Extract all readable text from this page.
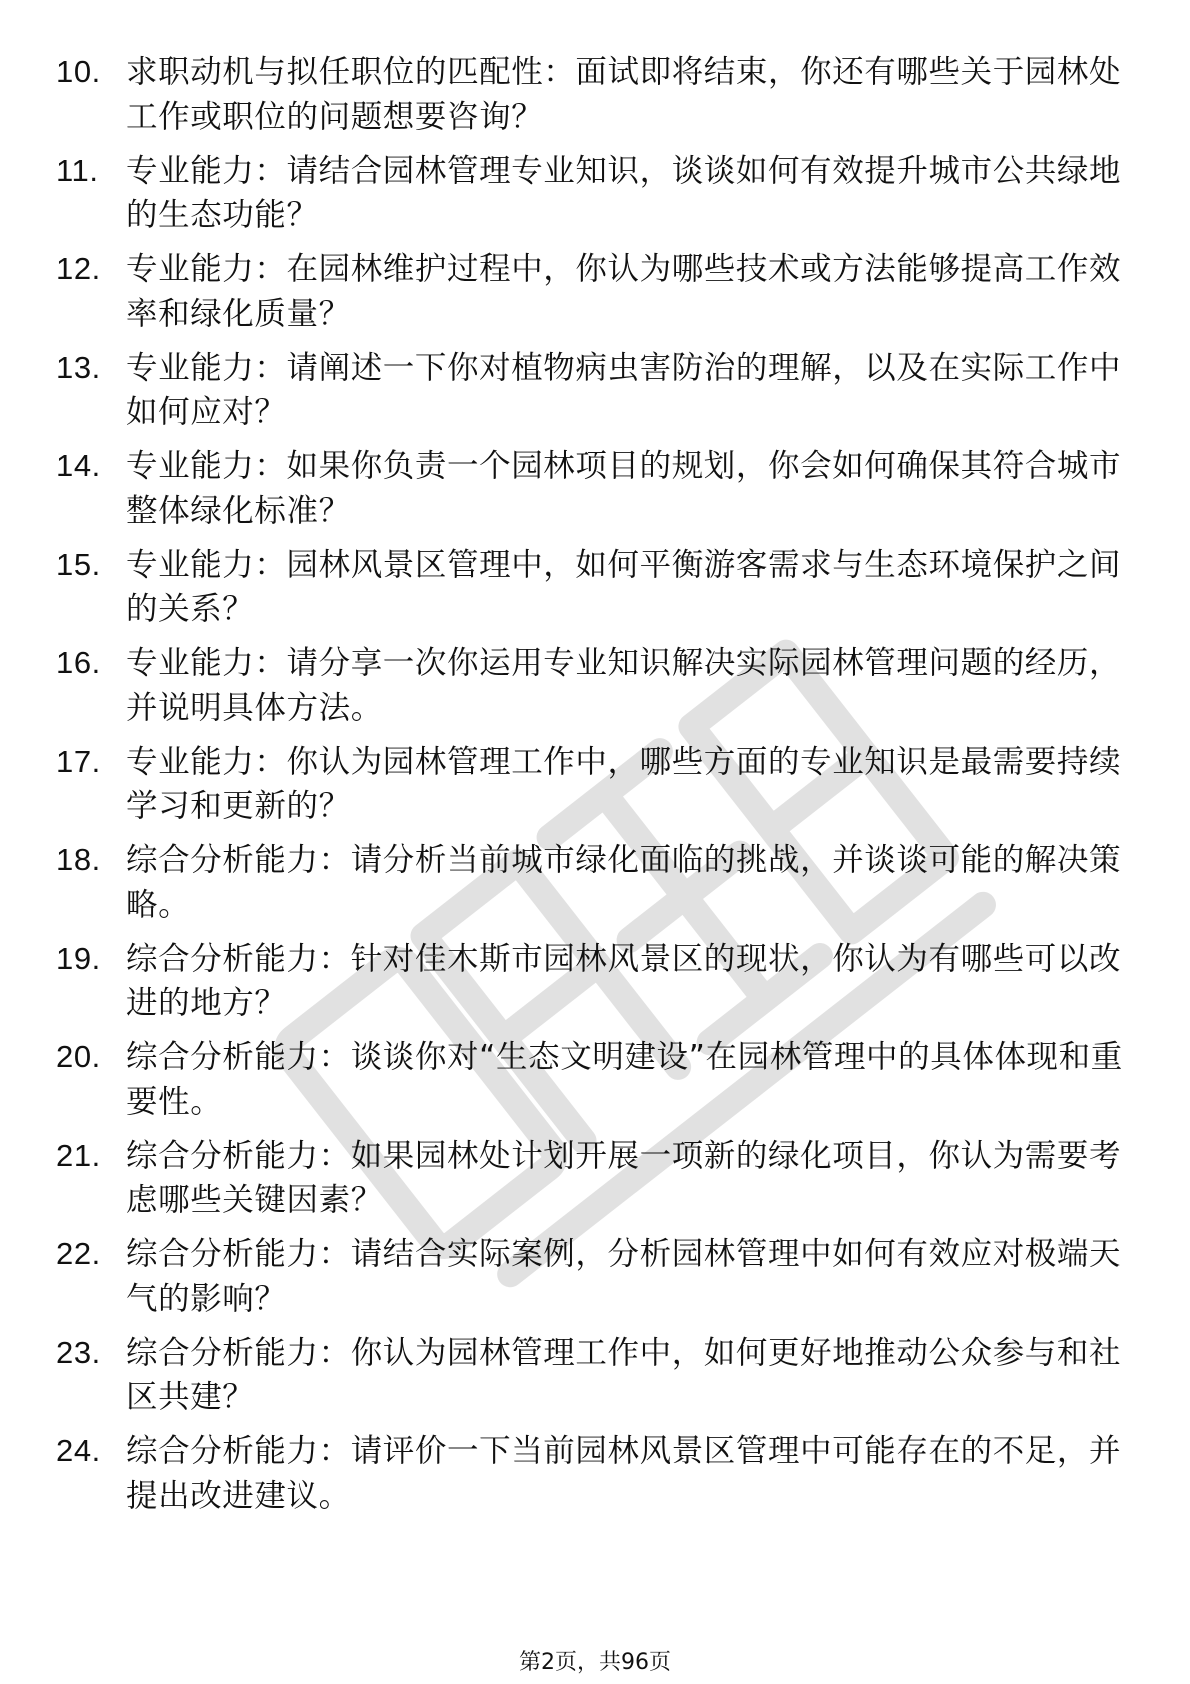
10. 求职动机与拟任职位的匹配性：面试即将结束，你还有哪些关于园林处工作或职位的问题想要咨询？
11. 专业能力：请结合园林管理专业知识，谈谈如何有效提升城市公共绿地的生态功能？
12. 专业能力：在园林维护过程中，你认为哪些技术或方法能够提高工作效率和绿化质量？
13. 专业能力：请阐述一下你对植物病虫害防治的理解，以及在实际工作中如何应对？
14. 专业能力：如果你负责一个园林项目的规划，你会如何确保其符合城市整体绿化标准？
15. 专业能力：园林风景区管理中，如何平衡游客需求与生态环境保护之间的关系？
16. 专业能力：请分享一次你运用专业知识解决实际园林管理问题的经历，并说明具体方法。
17. 专业能力：你认为园林管理工作中，哪些方面的专业知识是最需要持续学习和更新的？
18. 综合分析能力：请分析当前城市绿化面临的挑战，并谈谈可能的解决策略。
19. 综合分析能力：针对佳木斯市园林风景区的现状，你认为有哪些可以改进的地方？
20. 综合分析能力：谈谈你对“生态文明建设”在园林管理中的具体体现和重要性。
21. 综合分析能力：如果园林处计划开展一项新的绿化项目，你认为需要考虑哪些关键因素？
22. 综合分析能力：请结合实际案例，分析园林管理中如何有效应对极端天气的影响？
23. 综合分析能力：你认为园林管理工作中，如何更好地推动公众参与和社区共建？
24. 综合分析能力：请评价一下当前园林风景区管理中可能存在的不足，并提出改进建议。
第2页，共96页
